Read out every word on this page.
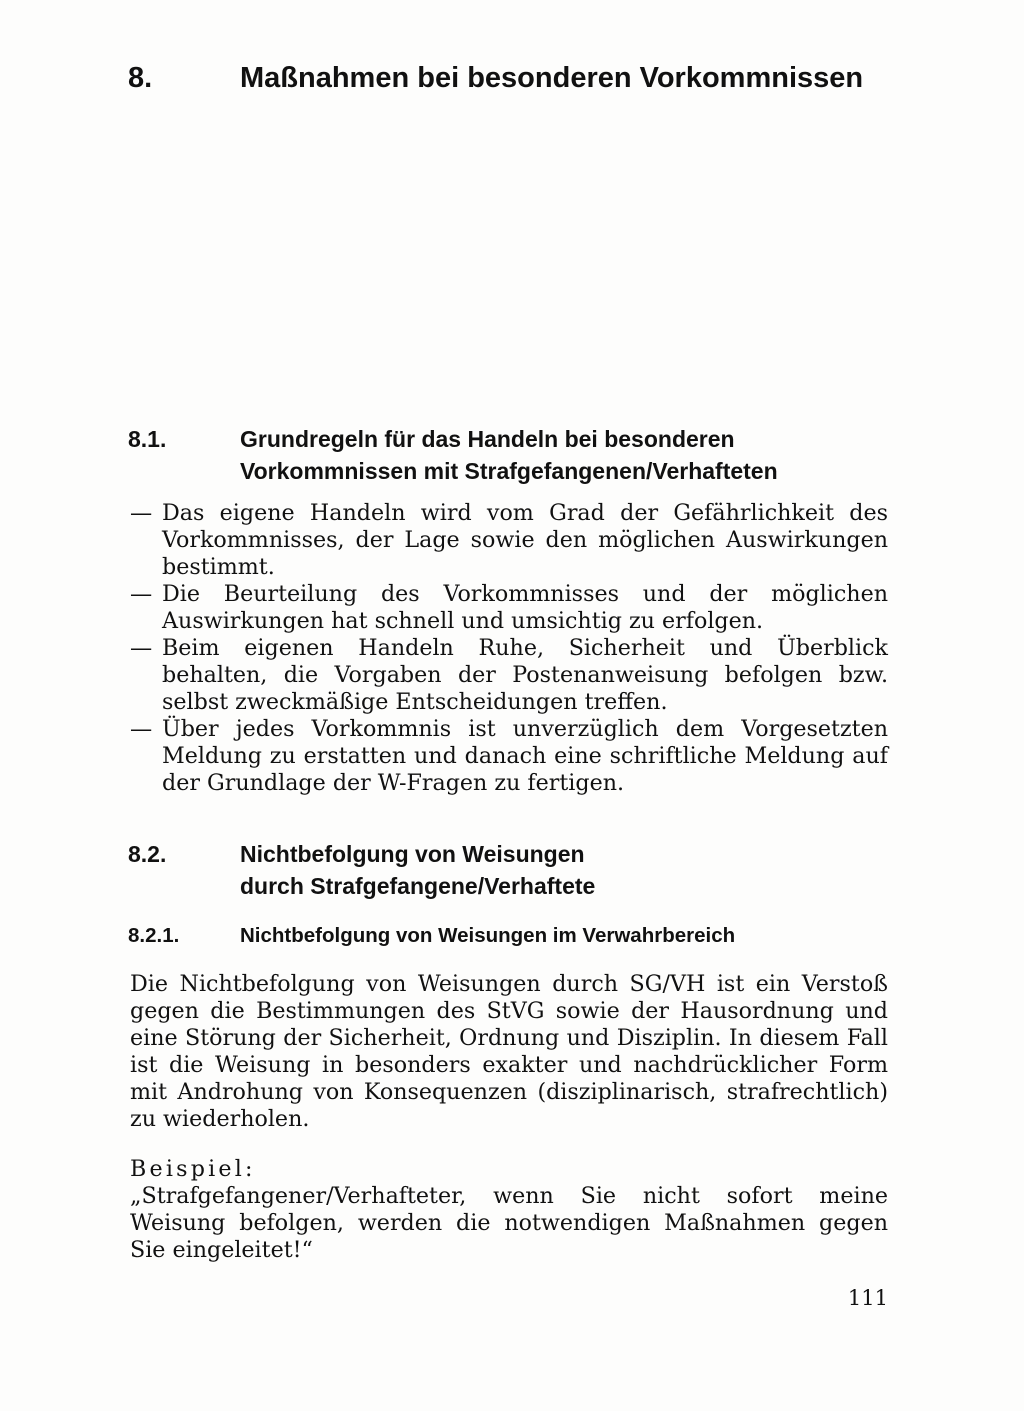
8.	Maßnahmen bei besonderen Vorkommnissen
8.1.	Grundregeln für das Handeln bei besonderen
Vorkommnissen mit Strafgefangenen/Verhafteten
— Das eigene Handeln wird vom Grad der Gefährlichkeit des Vorkommnisses, der Lage sowie den möglichen Auswirkungen bestimmt.
— Die Beurteilung des Vorkommnisses und der möglichen Auswirkungen hat schnell und umsichtig zu erfolgen.
— Beim eigenen Handeln Ruhe, Sicherheit und Überblick behalten, die Vorgaben der Postenanweisung befolgen bzw. selbst zweckmäßige Entscheidungen treffen.
— Über jedes Vorkommnis ist unverzüglich dem Vorgesetzten Meldung zu erstatten und danach eine schriftliche Meldung auf der Grundlage der W-Fragen zu fertigen.
8.2.	Nichtbefolgung von Weisungen
durch Strafgefangene/Verhaftete
8.2.1.	Nichtbefolgung von Weisungen im Verwahrbereich

Die Nichtbefolgung von Weisungen durch SG/VH ist ein Verstoß gegen die Bestimmungen des StVG sowie der Hausordnung und eine Störung der Sicherheit, Ordnung und Disziplin. In diesem Fall ist die Weisung in besonders exakter und nachdrücklicher Form mit Androhung von Konsequenzen (disziplinarisch, strafrechtlich) zu wiederholen.

Beispiel:

„Strafgefangener/Verhafteter, wenn Sie nicht sofort meine Weisung befolgen, werden die notwendigen Maßnahmen gegen Sie eingeleitet!“

111
